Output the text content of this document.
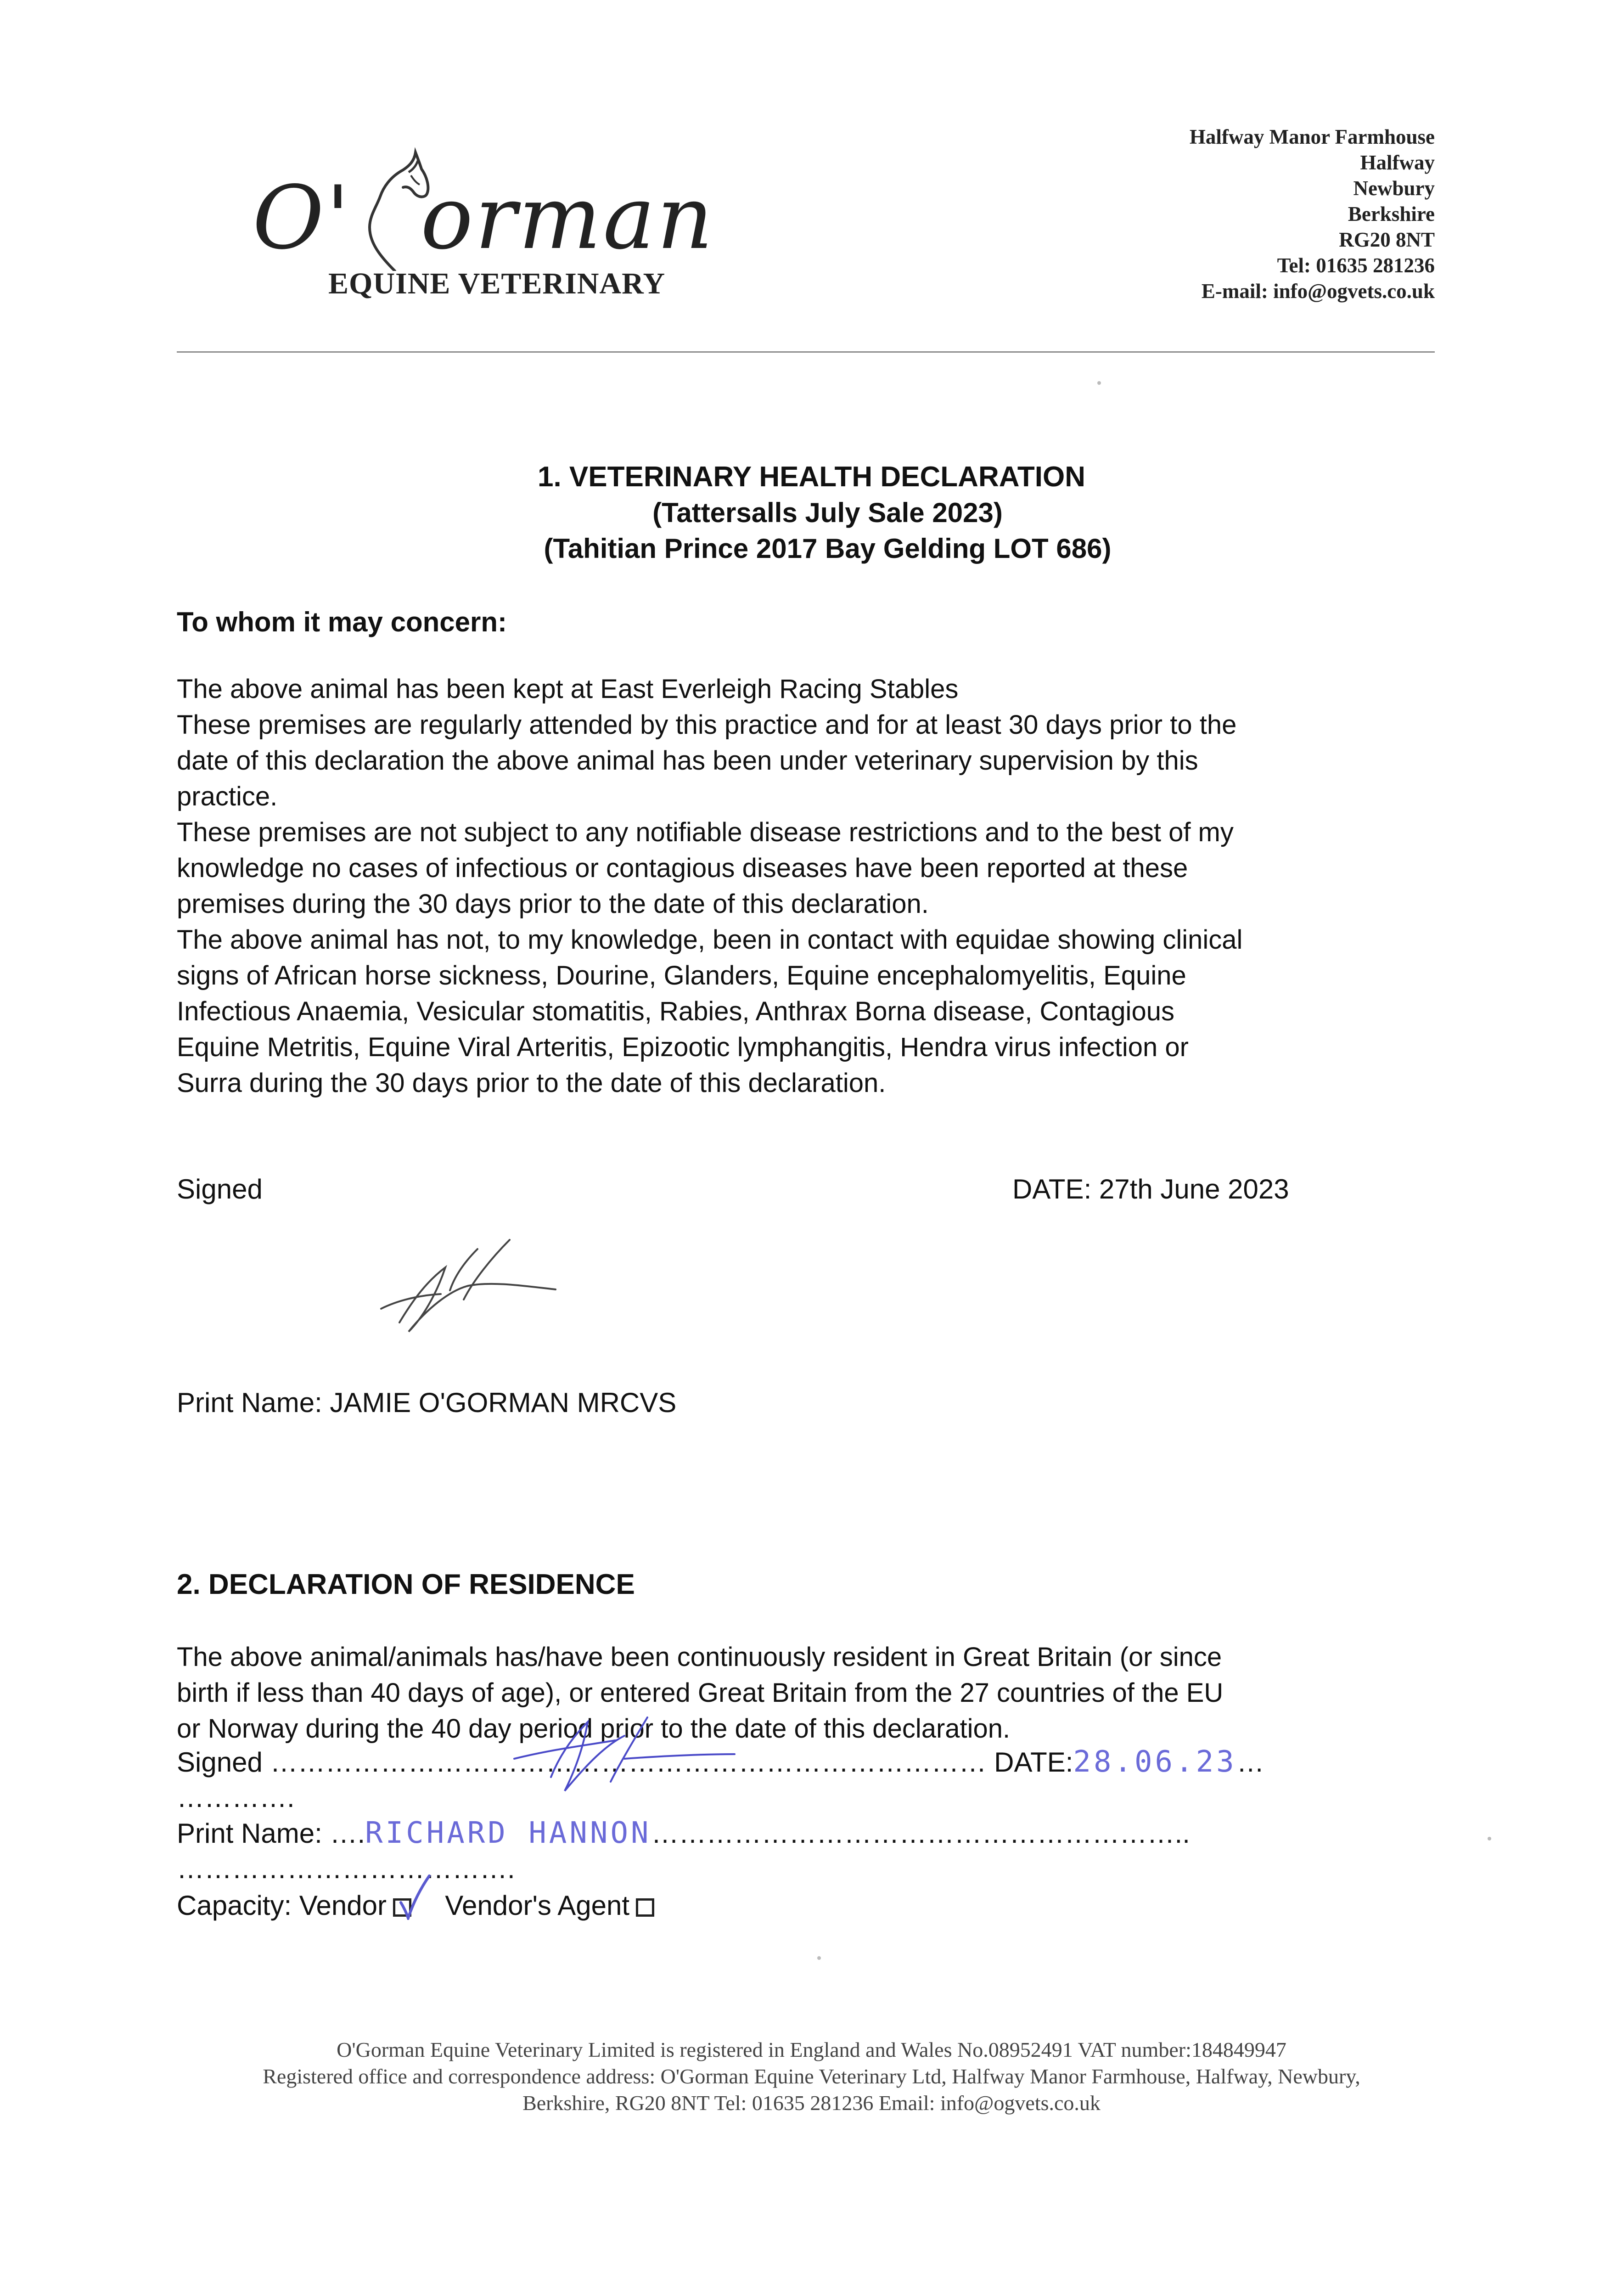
O' orman
EQUINE VETERINARY
Halfway Manor Farmhouse
Halfway
Newbury
Berkshire
RG20 8NT
Tel: 01635 281236
E-mail: info@ogvets.co.uk
1. VETERINARY HEALTH DECLARATION
(Tattersalls July Sale 2023)
(Tahitian Prince 2017 Bay Gelding LOT 686)
To whom it may concern:
The above animal has been kept at East Everleigh Racing Stables
These premises are regularly attended by this practice and for at least 30 days prior to the
date of this declaration the above animal has been under veterinary supervision by this
practice.
These premises are not subject to any notifiable disease restrictions and to the best of my
knowledge no cases of infectious or contagious diseases have been reported at these
premises during the 30 days prior to the date of this declaration.
The above animal has not, to my knowledge, been in contact with equidae showing clinical
signs of African horse sickness, Dourine, Glanders, Equine encephalomyelitis, Equine
Infectious Anaemia, Vesicular stomatitis, Rabies, Anthrax Borna disease, Contagious
Equine Metritis, Equine Viral Arteritis, Epizootic lymphangitis, Hendra virus infection or
Surra during the 30 days prior to the date of this declaration.
Signed	DATE: 27th June 2023
Print Name: JAMIE O'GORMAN MRCVS
2. DECLARATION OF RESIDENCE
The above animal/animals has/have been continuously resident in Great Britain (or since
birth if less than 40 days of age), or entered Great Britain from the 27 countries of the EU
or Norway during the 40 day period prior to the date of this declaration.
Signed …………………………………………………………………… DATE:28.06.23…
………….
Print Name: ….RICHARD HANNON…………………………………………………..
……………………………….
Capacity: Vendor Vendor's Agent
O'Gorman Equine Veterinary Limited is registered in England and Wales No.08952491 VAT number:184849947
Registered office and correspondence address: O'Gorman Equine Veterinary Ltd, Halfway Manor Farmhouse, Halfway, Newbury,
Berkshire, RG20 8NT Tel: 01635 281236 Email: info@ogvets.co.uk
